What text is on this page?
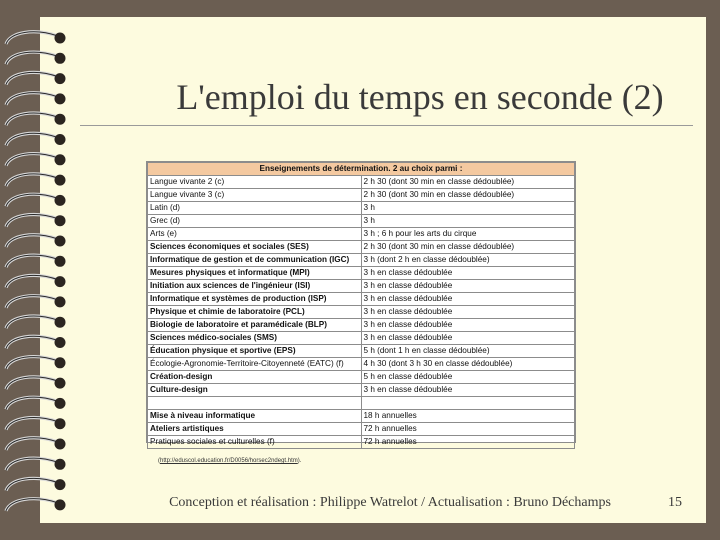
L'emploi du temps en seconde (2)
Enseignements de détermination. 2 au choix parmi :	
Langue vivante 2 (c)	2 h 30 (dont 30 min en classe dédoublée)
Langue vivante 3 (c)	2 h 30 (dont 30 min en classe dédoublée)
Latin (d)	3 h
Grec (d)	3 h
Arts (e)	3 h ; 6 h pour les arts du cirque
Sciences économiques et sociales (SES)	2 h 30 (dont 30 min en classe dédoublée)
Informatique de gestion et de communication (IGC)	3 h (dont 2 h en classe dédoublée)
Mesures physiques et informatique (MPI)	3 h en classe dédoublée
Initiation aux sciences de l'ingénieur (ISI)	3 h en classe dédoublée
Informatique et systèmes de production (ISP)	3 h en classe dédoublée
Physique et chimie de laboratoire (PCL)	3 h en classe dédoublée
Biologie de laboratoire et paramédicale (BLP)	3 h en classe dédoublée
Sciences médico-sociales (SMS)	3 h en classe dédoublée
Éducation physique et sportive (EPS)	5 h (dont 1 h en classe dédoublée)
Écologie-Agronomie-Territoire-Citoyenneté (EATC) (f)	4 h 30 (dont 3 h 30 en classe dédoublée)
Création-design	5 h en classe dédoublée
Culture-design	3 h en classe dédoublée

Mise à niveau informatique	18 h annuelles
Ateliers artistiques	72 h annuelles
Pratiques sociales et culturelles (f)	72 h annuelles
(http://eduscol.education.fr/D0056/horsec2ndegt.htm).
Conception et réalisation : Philippe Watrelot / Actualisation : Bruno Déchamps	15
